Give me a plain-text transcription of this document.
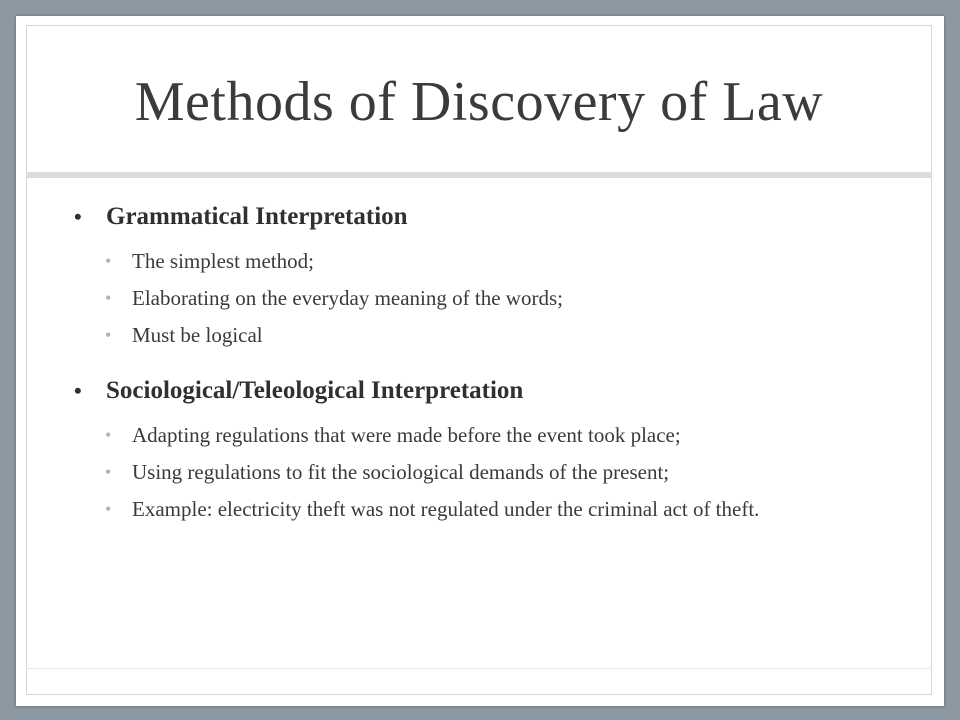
Methods of Discovery of Law
• Grammatical Interpretation
• The simplest method;
• Elaborating on the everyday meaning of the words;
• Must be logical
• Sociological/Teleological Interpretation
• Adapting regulations that were made before the event took place;
• Using regulations to fit the sociological demands of the present;
• Example: electricity theft was not regulated under the criminal act of theft.
